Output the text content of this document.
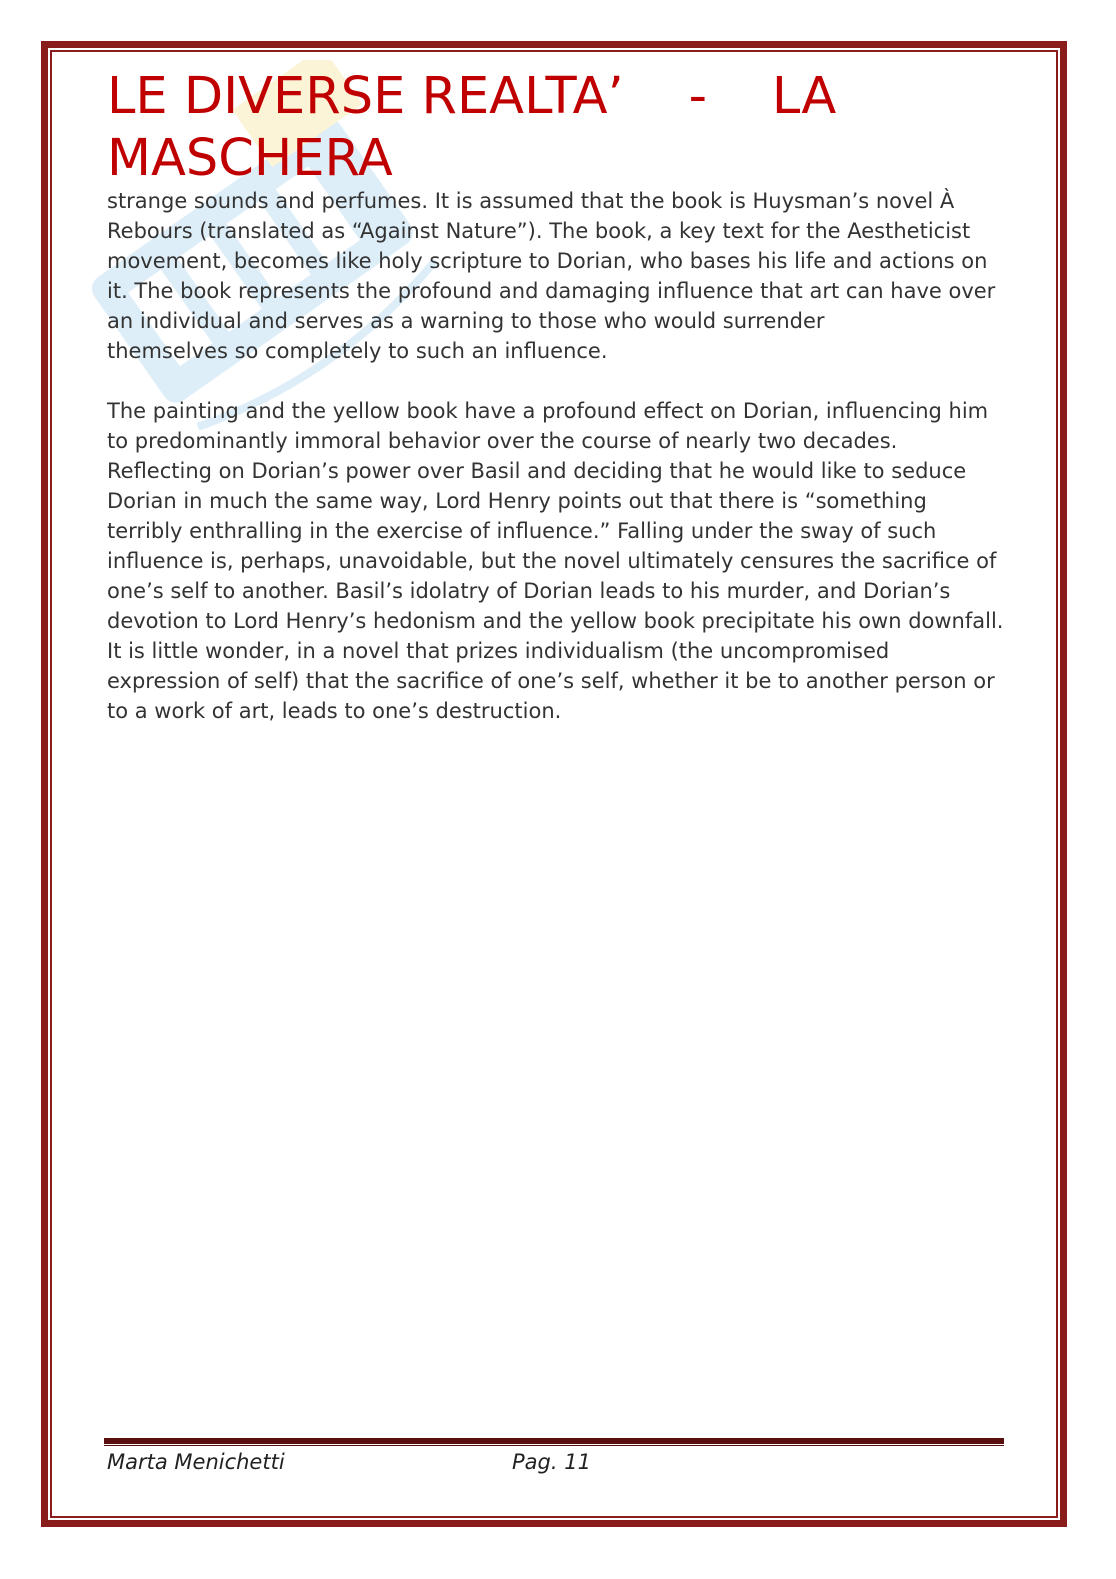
LE DIVERSE REALTA’    -    LA MASCHERA

strange sounds and perfumes. It is assumed that the book is Huysman’s novel À Rebours (translated as “Against Nature”). The book, a key text for the Aestheticist movement, becomes like holy scripture to Dorian, who bases his life and actions on it. The book represents the profound and damaging influence that art can have over an individual and serves as a warning to those who would surrender

themselves so completely to such an influence.

The painting and the yellow book have a profound effect on Dorian, influencing him to predominantly immoral behavior over the course of nearly two decades. Reflecting on Dorian’s power over Basil and deciding that he would like to seduce Dorian in much the same way, Lord Henry points out that there is “something terribly enthralling in the exercise of influence.” Falling under the sway of such influence is, perhaps, unavoidable, but the novel ultimately censures the sacrifice of one’s self to another. Basil’s idolatry of Dorian leads to his murder, and Dorian’s devotion to Lord Henry’s hedonism and the yellow book precipitate his own downfall. It is little wonder, in a novel that prizes individualism (the uncompromised expression of self) that the sacrifice of one’s self, whether it be to another person or to a work of art, leads to one’s destruction.

Marta Menichetti	Pag. 11
